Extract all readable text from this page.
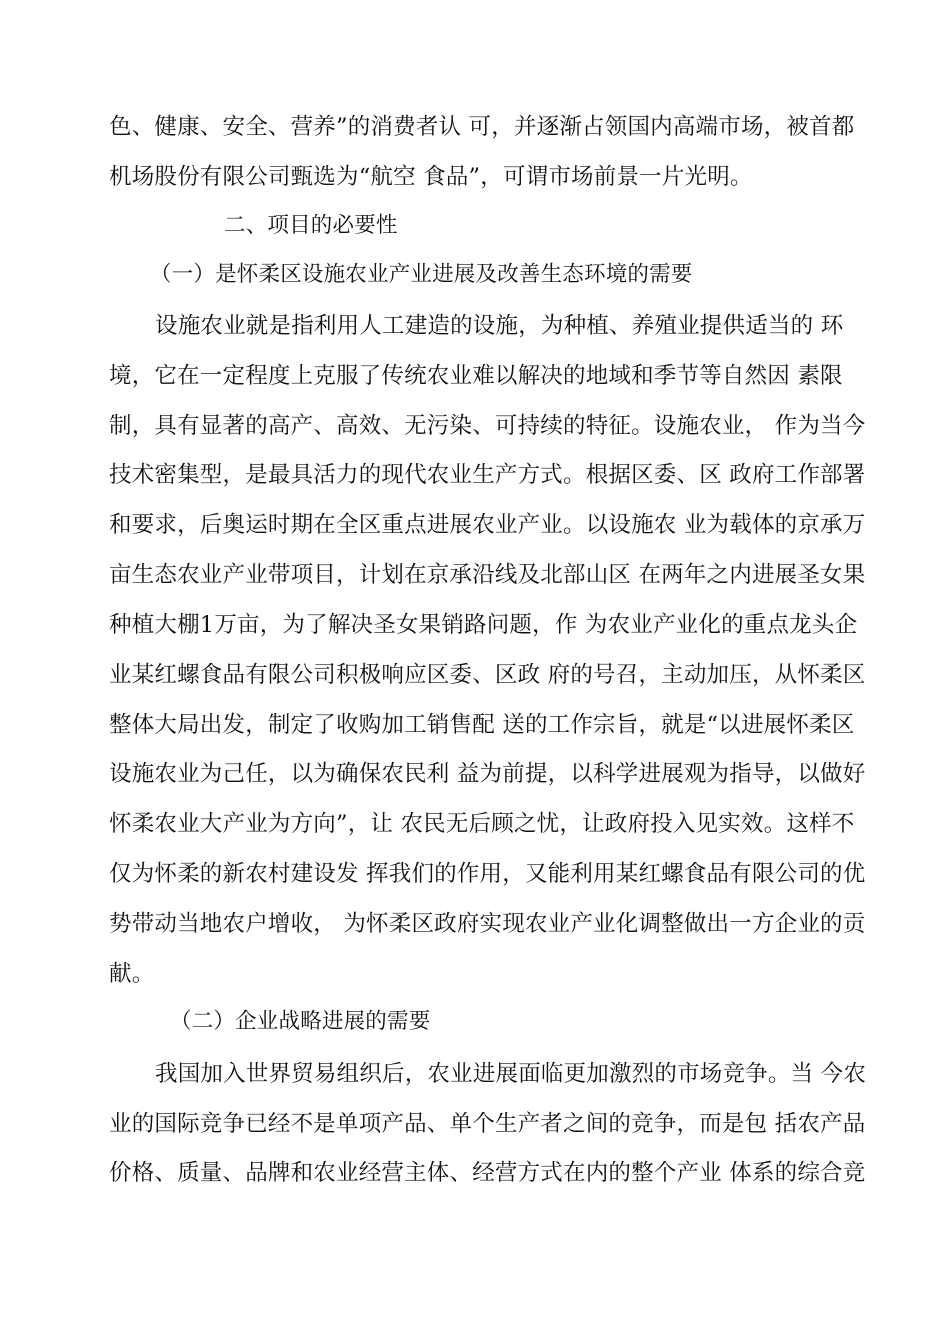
色、健康、安全、营养”的消费者认 可，并逐渐占领国内高端市场，被首都
机场股份有限公司甄选为“航空 食品”，可谓市场前景一片光明。
二、项目的必要性
（一）是怀柔区设施农业产业进展及改善生态环境的需要
设施农业就是指利用人工建造的设施，为种植、养殖业提供适当的 环
境，它在一定程度上克服了传统农业难以解决的地域和季节等自然因 素限
制，具有显著的高产、高效、无污染、可持续的特征。设施农业， 作为当今
技术密集型，是最具活力的现代农业生产方式。根据区委、区 政府工作部署
和要求，后奥运时期在全区重点进展农业产业。以设施农 业为载体的京承万
亩生态农业产业带项目，计划在京承沿线及北部山区 在两年之内进展圣女果
种植大棚1万亩，为了解决圣女果销路问题，作 为农业产业化的重点龙头企
业某红螺食品有限公司积极响应区委、区政 府的号召，主动加压，从怀柔区
整体大局出发，制定了收购加工销售配 送的工作宗旨，就是“以进展怀柔区
设施农业为己任，以为确保农民利 益为前提，以科学进展观为指导，以做好
怀柔农业大产业为方向”，让 农民无后顾之忧，让政府投入见实效。这样不
仅为怀柔的新农村建设发 挥我们的作用，又能利用某红螺食品有限公司的优
势带动当地农户增收， 为怀柔区政府实现农业产业化调整做出一方企业的贡
献。
（二）企业战略进展的需要
我国加入世界贸易组织后，农业进展面临更加激烈的市场竞争。当 今农
业的国际竞争已经不是单项产品、单个生产者之间的竞争，而是包 括农产品
价格、质量、品牌和农业经营主体、经营方式在内的整个产业 体系的综合竞
